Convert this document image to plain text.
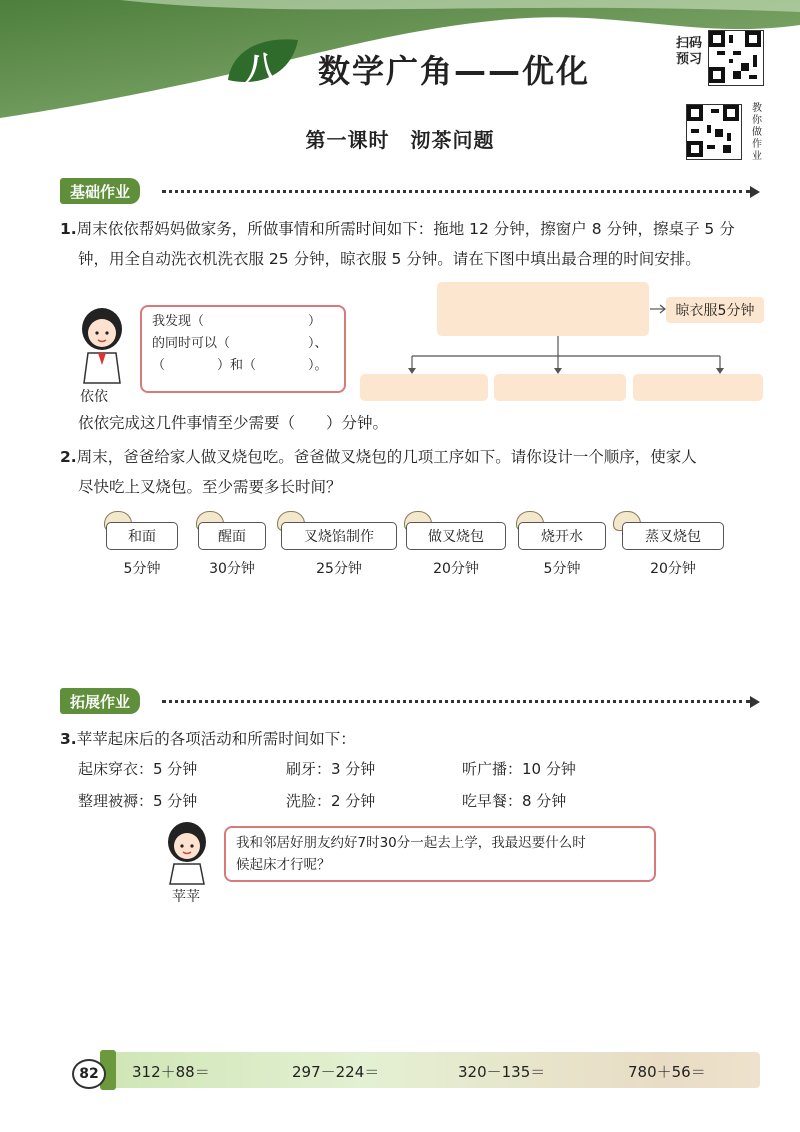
八	数学广角——优化
扫码预习
教你做作业
第一课时　沏茶问题
基础作业
1.周末依依帮妈妈做家务，所做事情和所需时间如下：拖地 12 分钟，擦窗户 8 分钟，擦桌子 5 分
钟，用全自动洗衣机洗衣服 25 分钟，晾衣服 5 分钟。请在下图中填出最合理的时间安排。
依依
我发现（　　　　　　　　）
的同时可以（　　　　　　）、
（　　　　）和（　　　　）。
晾衣服5分钟
依依完成这几件事情至少需要（　　）分钟。
2.周末，爸爸给家人做叉烧包吃。爸爸做叉烧包的几项工序如下。请你设计一个顺序，使家人
尽快吃上叉烧包。至少需要多长时间？
和面
5分钟
醒面
30分钟
叉烧馅制作
25分钟
做叉烧包
20分钟
烧开水
5分钟
蒸叉烧包
20分钟
拓展作业
3.苹苹起床后的各项活动和所需时间如下：
起床穿衣：5 分钟	刷牙：3 分钟	听广播：10 分钟
整理被褥：5 分钟	洗脸：2 分钟	吃早餐：8 分钟
苹苹
我和邻居好朋友约好7时30分一起去上学，我最迟要什么时
候起床才行呢？
82	312＋88＝	297－224＝	320－135＝	780＋56＝
